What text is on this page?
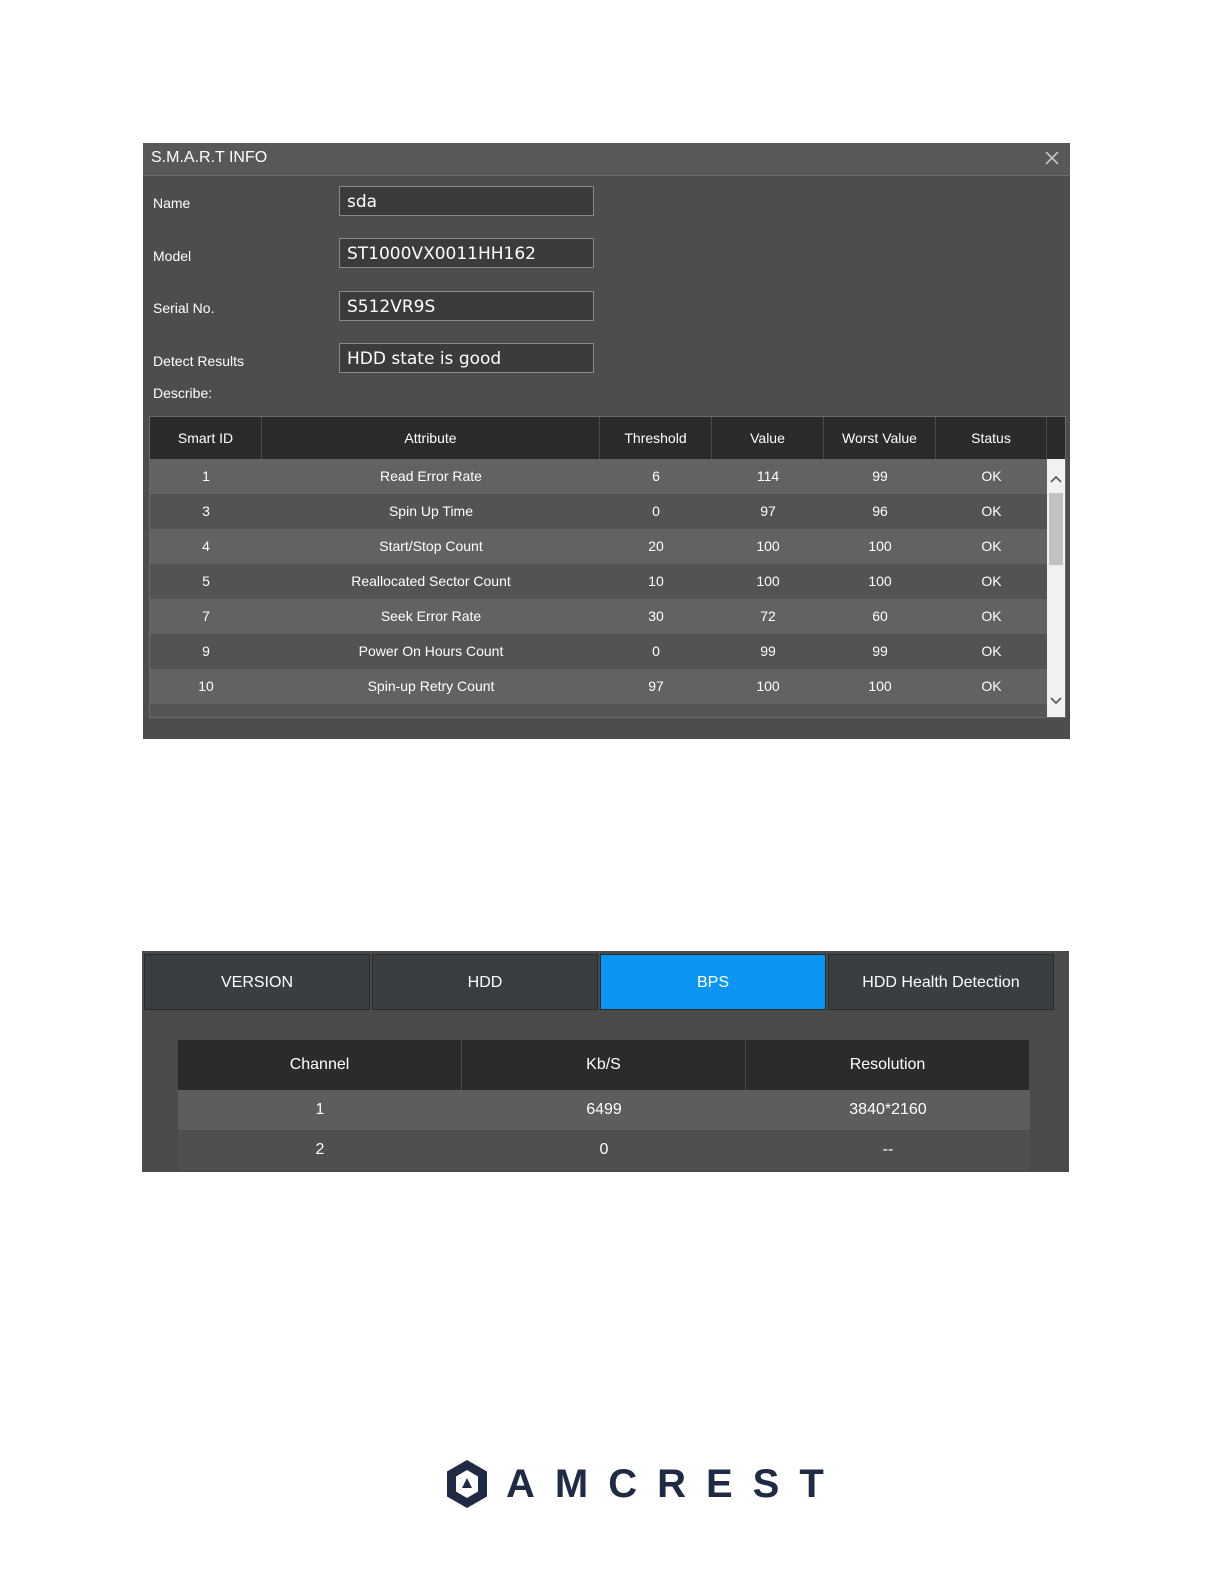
S.M.A.R.T INFO
Name	sda
Model	ST1000VX0011HH162
Serial No.	S512VR9S
Detect Results	HDD state is good
Describe:
Smart ID	Attribute	Threshold	Value	Worst Value	Status
1	Read Error Rate	6	114	99	OK
3	Spin Up Time	0	97	96	OK
4	Start/Stop Count	20	100	100	OK
5	Reallocated Sector Count	10	100	100	OK
7	Seek Error Rate	30	72	60	OK
9	Power On Hours Count	0	99	99	OK
10	Spin-up Retry Count	97	100	100	OK
VERSION	HDD	BPS	HDD Health Detection
Channel	Kb/S	Resolution
1	6499	3840*2160
2	0	--
AMCREST
